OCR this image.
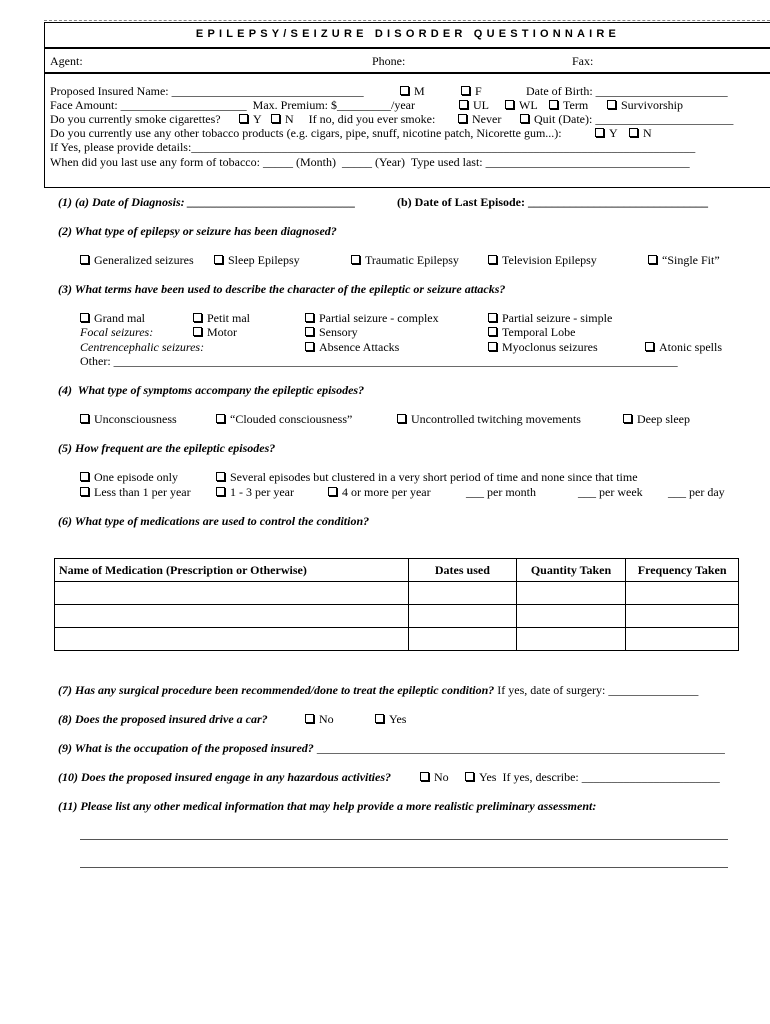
EPILEPSY/SEIZURE DISORDER QUESTIONNAIRE
Agent:	Phone:	Fax:
Proposed Insured Name: ________________________________	M	F	Date of Birth: ______________________
Face Amount: _____________________  Max. Premium: $_________/year	UL	WL	Term	Survivorship
Do you currently smoke cigarettes?	Y	N     If no, did you ever smoke:	Never	Quit (Date): _______________________
Do you currently use any other tobacco products (e.g. cigars, pipe, snuff, nicotine patch, Nicorette gum...):	Y	N
If Yes, please provide details:____________________________________________________________________________________
When did you last use any form of tobacco: _____ (Month)  _____ (Year)  Type used last: __________________________________
(1) (a) Date of Diagnosis: ____________________________	(b) Date of Last Episode: ______________________________
(2) What type of epilepsy or seizure has been diagnosed?
Generalized seizures	Sleep Epilepsy	Traumatic Epilepsy	Television Epilepsy	“Single Fit”
(3) What terms have been used to describe the character of the epileptic or seizure attacks?
Grand mal	Petit mal	Partial seizure - complex	Partial seizure - simple
Focal seizures:	Motor	Sensory	Temporal Lobe
Centrencephalic seizures:	Absence Attacks	Myoclonus seizures	Atonic spells
Other: ______________________________________________________________________________________________
(4)  What type of symptoms accompany the epileptic episodes?
Unconsciousness	“Clouded consciousness”	Uncontrolled twitching movements	Deep sleep
(5) How frequent are the epileptic episodes?
One episode only	Several episodes but clustered in a very short period of time and none since that time
Less than 1 per year	1 - 3 per year	4 or more per year	___ per month	___ per week ___ per day
(6) What type of medications are used to control the condition?
Name of Medication (Prescription or Otherwise)	Dates used	Quantity Taken	Frequency Taken

(7) Has any surgical procedure been recommended/done to treat the epileptic condition? If yes, date of surgery: _______________
(8) Does the proposed insured drive a car?	No	Yes
(9) What is the occupation of the proposed insured? ____________________________________________________________________
(10) Does the proposed insured engage in any hazardous activities?	No	Yes  If yes, describe: _______________________
(11) Please list any other medical information that may help provide a more realistic preliminary assessment:
